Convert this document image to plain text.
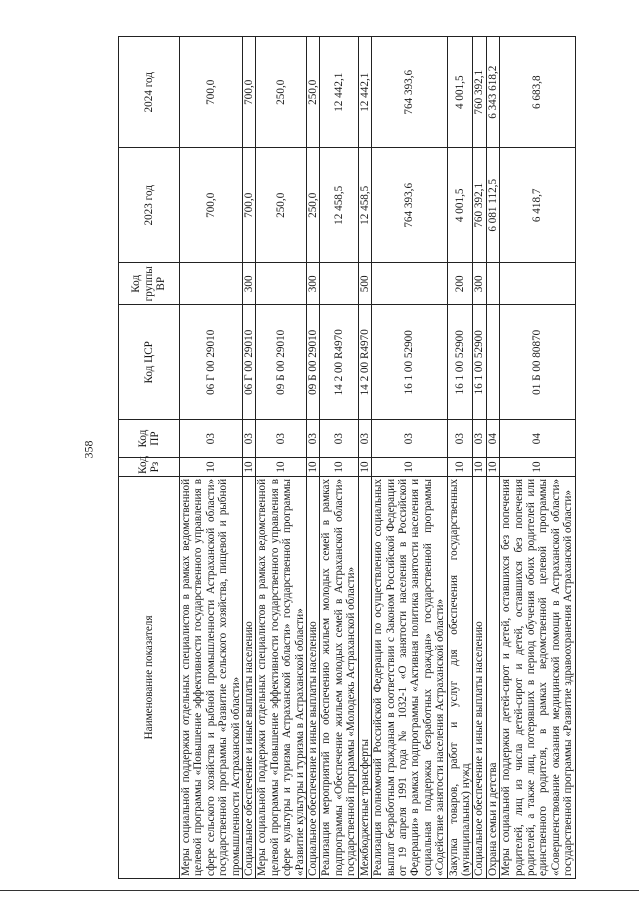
358
Наименование показателя	Код Рз	Код ПР	Код ЦСР	Код группы ВР	2023 год	2024 год
Меры социальной поддержки отдельных специалистов в рамках ведомственной целевой программы «Повышение эффективности государственного управления в сфере сельского хозяйства и рыбной промышленности Астраханской области» государственной программы «Развитие сельского хозяйства, пищевой и рыбной промышленности Астраханской области»	10	03	06 Г 00 29010		700,0	700,0
Социальное обеспечение и иные выплаты населению	10	03	06 Г 00 29010	300	700,0	700,0
Меры социальной поддержки отдельных специалистов в рамках ведомственной целевой программы «Повышение эффективности государственного управления в сфере культуры и туризма Астраханской области» государственной программы «Развитие культуры и туризма в Астраханской области»	10	03	09 Б 00 29010		250,0	250,0
Социальное обеспечение и иные выплаты населению	10	03	09 Б 00 29010	300	250,0	250,0
Реализация мероприятий по обеспечению жильем молодых семей в рамках подпрограммы «Обеспечение жильем молодых семей в Астраханской области» государственной программы «Молодежь Астраханской области»	10	03	14 2 00 R4970		12 458,5	12 442,1
Межбюджетные трансферты	10	03	14 2 00 R4970	500	12 458,5	12 442,1
Реализация полномочий Российской Федерации по осуществлению социальных выплат безработным гражданам в соответствии с Законом Российской Федерации от 19 апреля 1991 года № 1032-1 «О занятости населения в Российской Федерации» в рамках подпрограммы «Активная политика занятости населения и социальная поддержка безработных граждан» государственной программы «Содействие занятости населения Астраханской области»	10	03	16 1 00 52900		764 393,6	764 393,6
Закупка товаров, работ и услуг для обеспечения государственных (муниципальных) нужд	10	03	16 1 00 52900	200	4 001,5	4 001,5
Социальное обеспечение и иные выплаты населению	10	03	16 1 00 52900	300	760 392,1	760 392,1
Охрана семьи и детства	10	04			6 081 112,5	6 343 618,2
Меры социальной поддержки детей-сирот и детей, оставшихся без попечения родителей, лиц из числа детей-сирот и детей, оставшихся без попечения родителей, а также лиц, потерявших в период обучения обоих родителей или единственного родителя, в рамках ведомственной целевой программы «Совершенствование оказания медицинской помощи в Астраханской области» государственной программы «Развитие здравоохранения Астраханской области»	10	04	01 Б 00 80870		6 418,7	6 683,8
